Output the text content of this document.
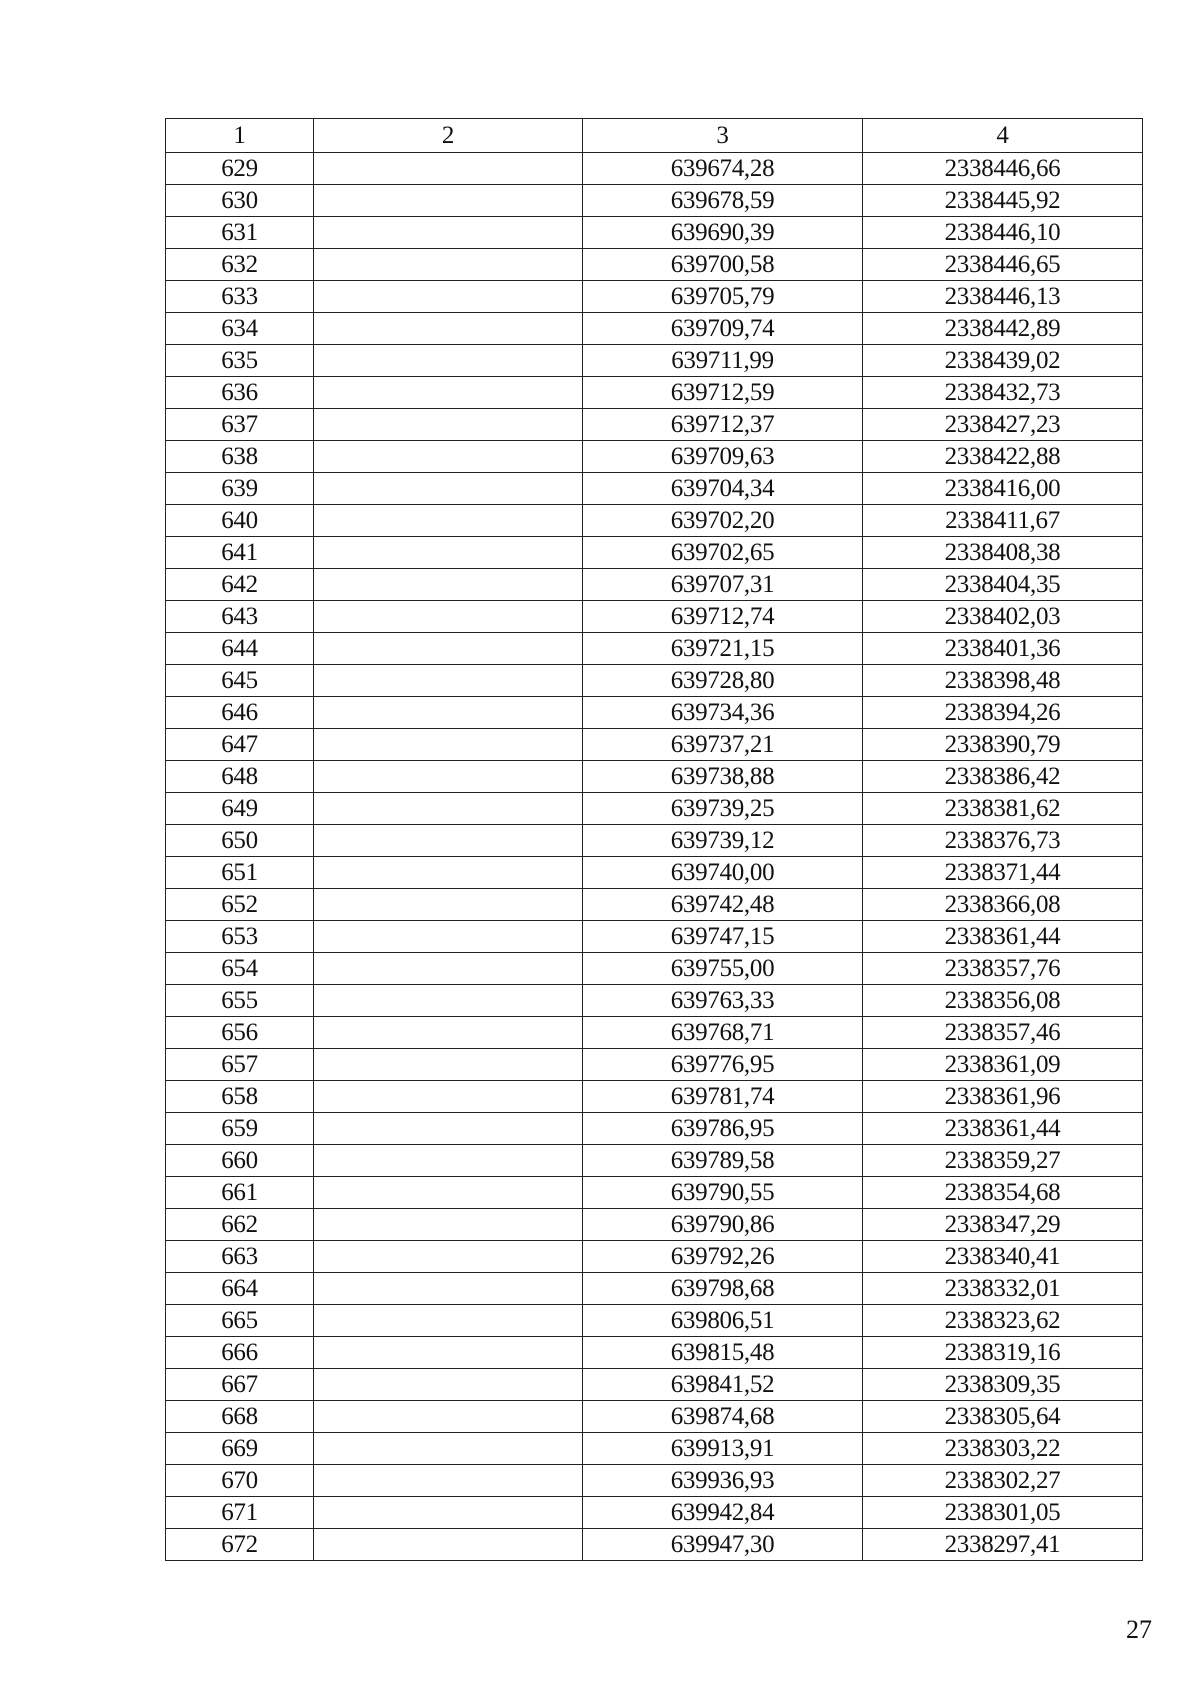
1	2	3	4
629		639674,28	2338446,66
630		639678,59	2338445,92
631		639690,39	2338446,10
632		639700,58	2338446,65
633		639705,79	2338446,13
634		639709,74	2338442,89
635		639711,99	2338439,02
636		639712,59	2338432,73
637		639712,37	2338427,23
638		639709,63	2338422,88
639		639704,34	2338416,00
640		639702,20	2338411,67
641		639702,65	2338408,38
642		639707,31	2338404,35
643		639712,74	2338402,03
644		639721,15	2338401,36
645		639728,80	2338398,48
646		639734,36	2338394,26
647		639737,21	2338390,79
648		639738,88	2338386,42
649		639739,25	2338381,62
650		639739,12	2338376,73
651		639740,00	2338371,44
652		639742,48	2338366,08
653		639747,15	2338361,44
654		639755,00	2338357,76
655		639763,33	2338356,08
656		639768,71	2338357,46
657		639776,95	2338361,09
658		639781,74	2338361,96
659		639786,95	2338361,44
660		639789,58	2338359,27
661		639790,55	2338354,68
662		639790,86	2338347,29
663		639792,26	2338340,41
664		639798,68	2338332,01
665		639806,51	2338323,62
666		639815,48	2338319,16
667		639841,52	2338309,35
668		639874,68	2338305,64
669		639913,91	2338303,22
670		639936,93	2338302,27
671		639942,84	2338301,05
672		639947,30	2338297,41
27
